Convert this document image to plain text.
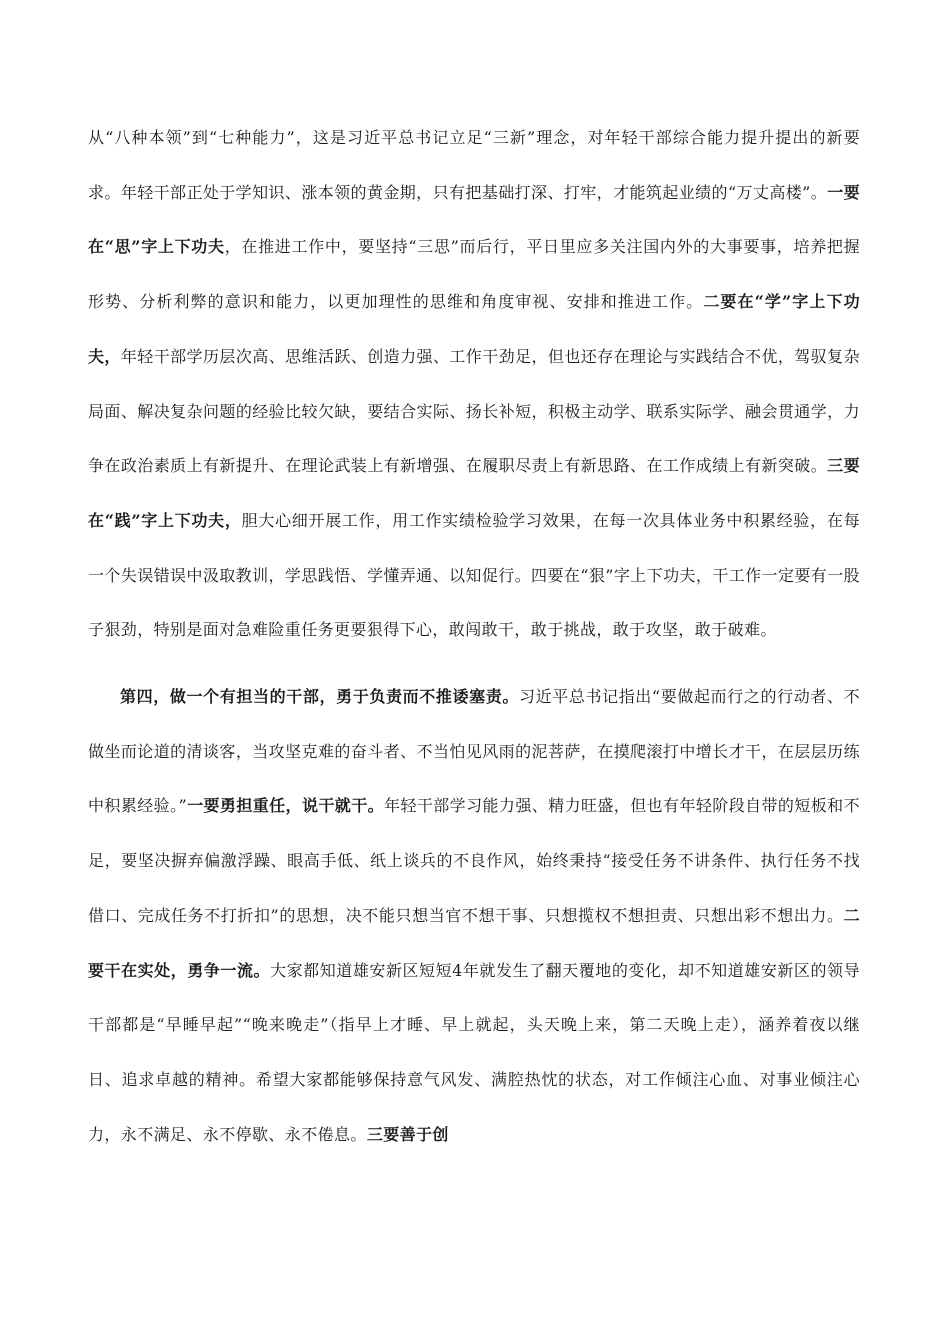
从“八种本领”到“七种能力”，这是习近平总书记立足“三新”理念，对年轻干部综合能力提升提出的新要求。年轻干部正处于学知识、涨本领的黄金期，只有把基础打深、打牢，才能筑起业绩的“万丈高楼”。一要在“思”字上下功夫，在推进工作中，要坚持“三思”而后行，平日里应多关注国内外的大事要事，培养把握形势、分析利弊的意识和能力，以更加理性的思维和角度审视、安排和推进工作。二要在“学”字上下功夫，年轻干部学历层次高、思维活跃、创造力强、工作干劲足，但也还存在理论与实践结合不优，驾驭复杂局面、解决复杂问题的经验比较欠缺，要结合实际、扬长补短，积极主动学、联系实际学、融会贯通学，力争在政治素质上有新提升、在理论武装上有新增强、在履职尽责上有新思路、在工作成绩上有新突破。三要在“践”字上下功夫，胆大心细开展工作，用工作实绩检验学习效果，在每一次具体业务中积累经验，在每一个失误错误中汲取教训，学思践悟、学懂弄通、以知促行。四要在“狠”字上下功夫，干工作一定要有一股子狠劲，特别是面对急难险重任务更要狠得下心，敢闯敢干，敢于挑战，敢于攻坚，敢于破难。

第四，做一个有担当的干部，勇于负责而不推诿塞责。习近平总书记指出“要做起而行之的行动者、不做坐而论道的清谈客，当攻坚克难的奋斗者、不当怕见风雨的泥菩萨，在摸爬滚打中增长才干，在层层历练中积累经验。”一要勇担重任，说干就干。年轻干部学习能力强、精力旺盛，但也有年轻阶段自带的短板和不足，要坚决摒弃偏激浮躁、眼高手低、纸上谈兵的不良作风，始终秉持“接受任务不讲条件、执行任务不找借口、完成任务不打折扣”的思想，决不能只想当官不想干事、只想揽权不想担责、只想出彩不想出力。二要干在实处，勇争一流。大家都知道雄安新区短短4年就发生了翻天覆地的变化，却不知道雄安新区的领导干部都是“早睡早起”“晚来晚走”（指早上才睡、早上就起，头天晚上来，第二天晚上走），涵养着夜以继日、追求卓越的精神。希望大家都能够保持意气风发、满腔热忱的状态，对工作倾注心血、对事业倾注心力，永不满足、永不停歇、永不倦息。三要善于创
